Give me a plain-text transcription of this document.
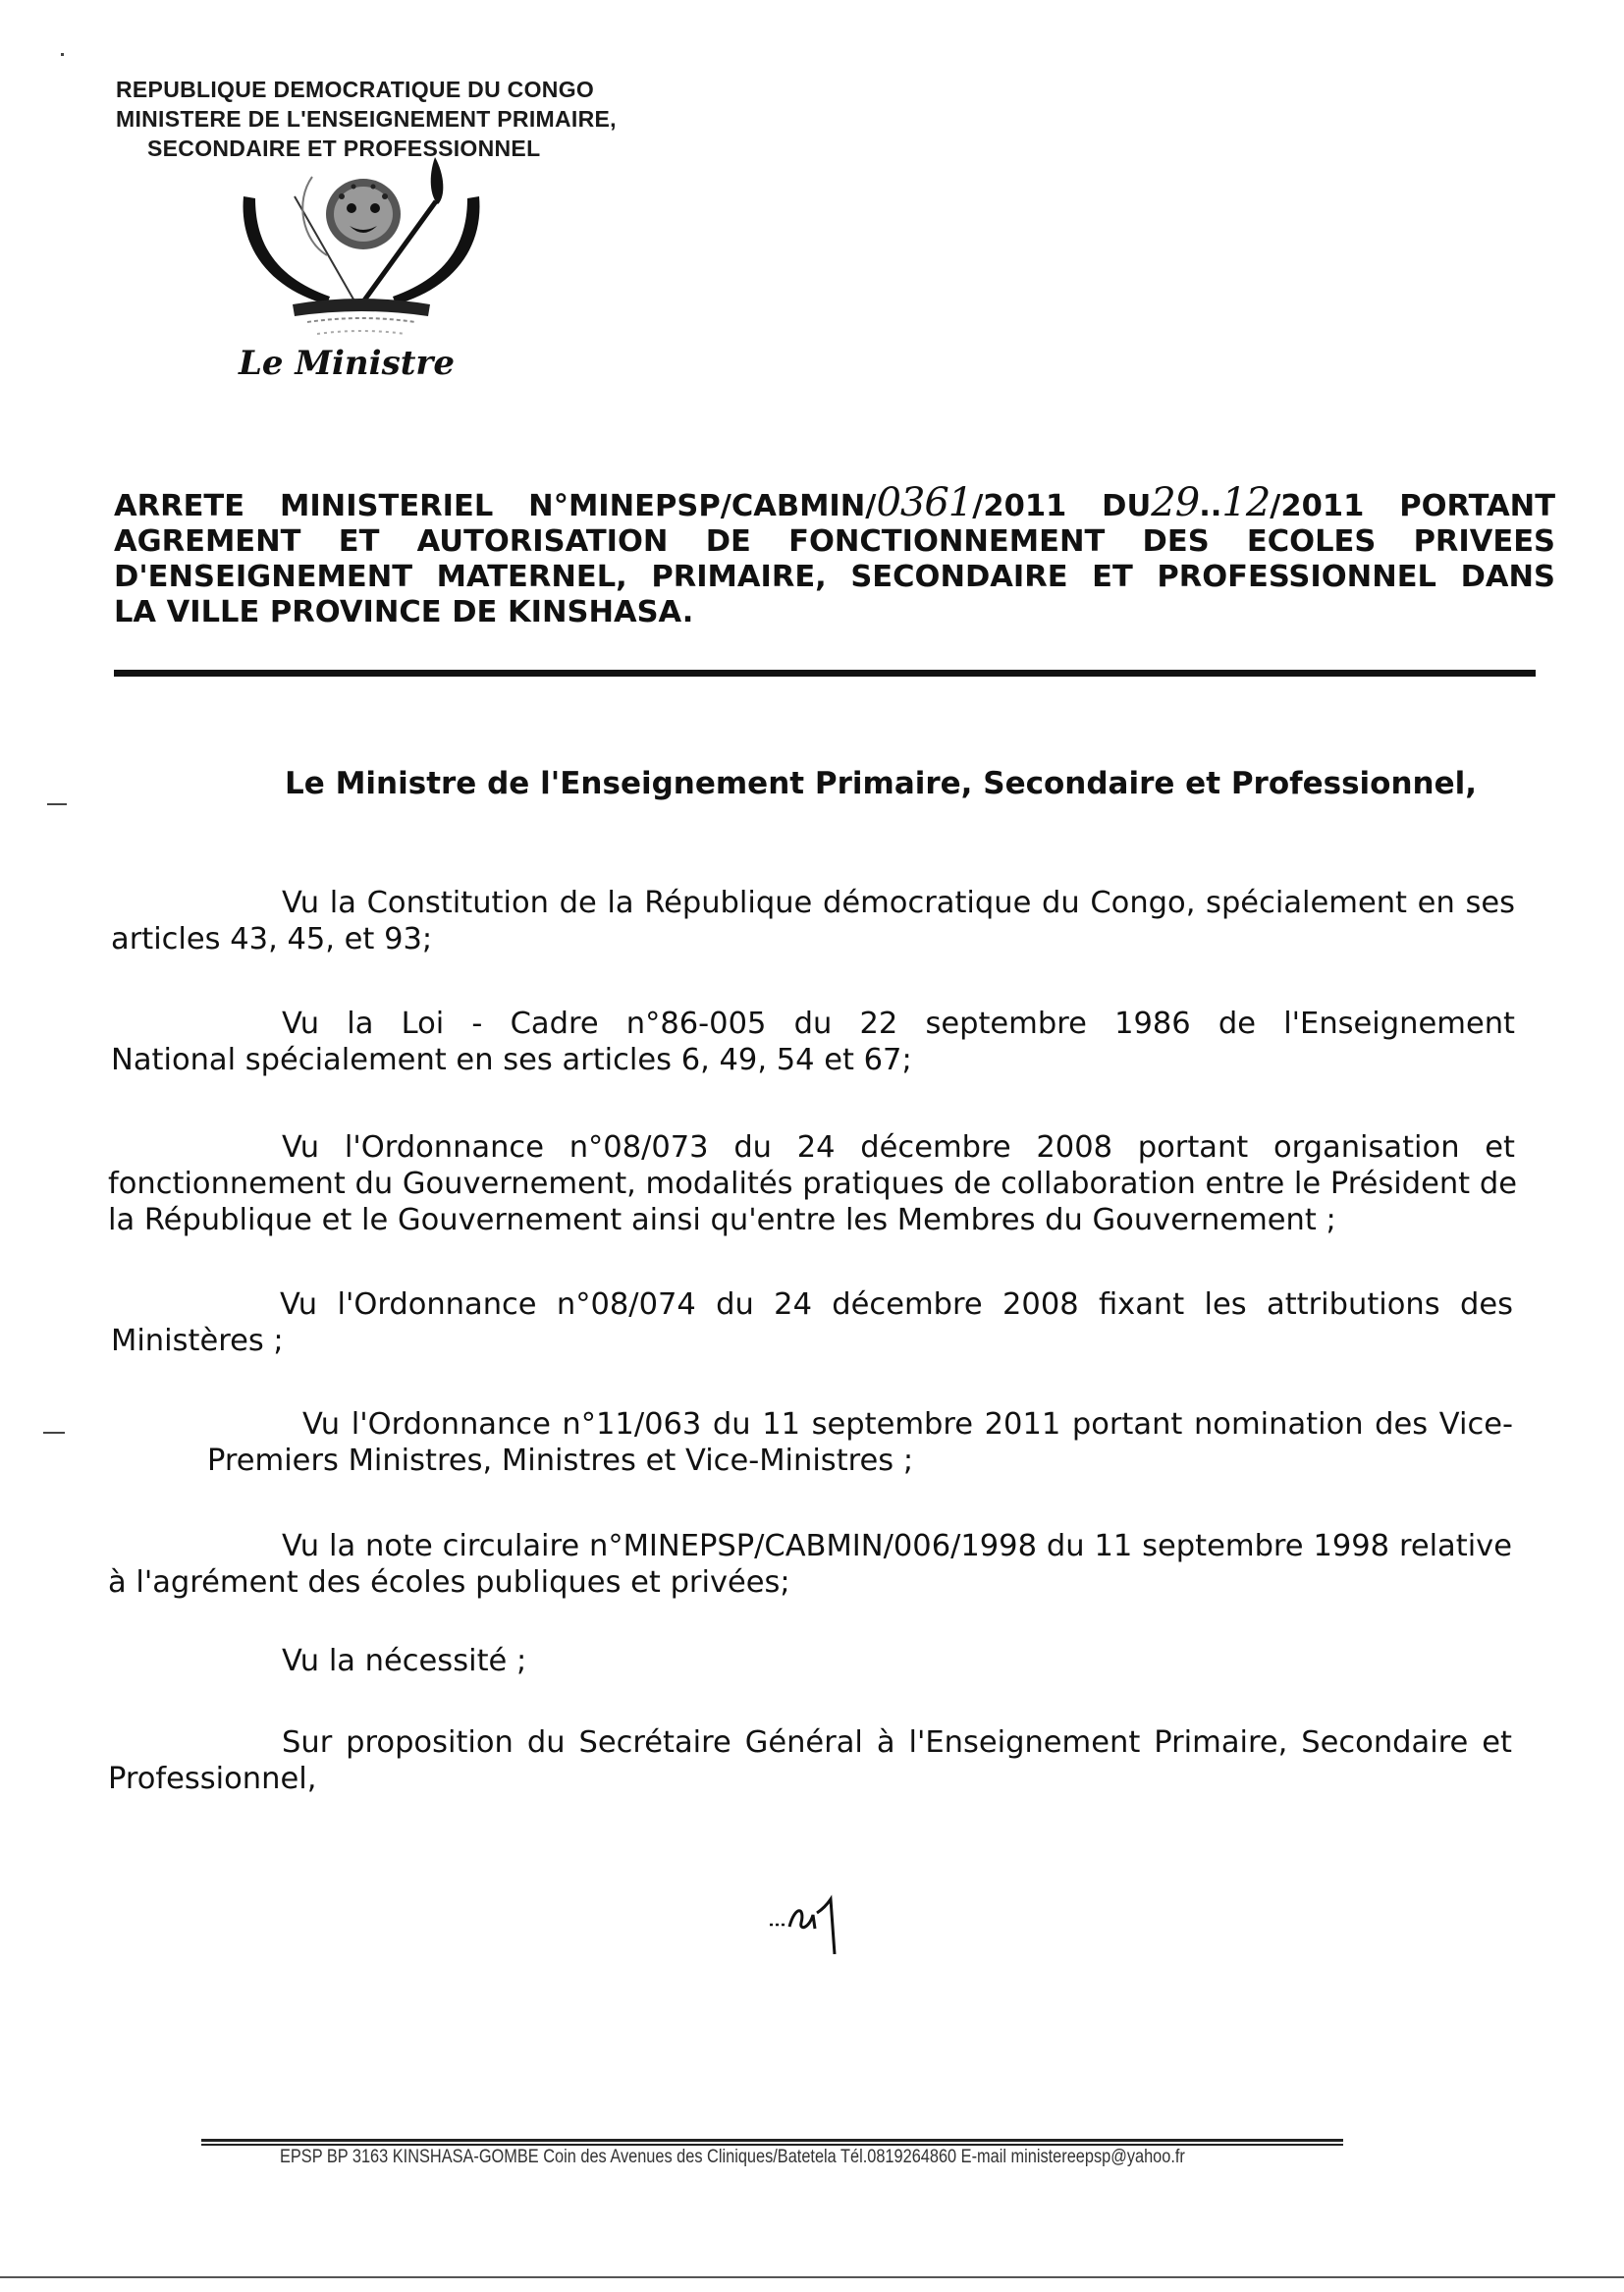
REPUBLIQUE DEMOCRATIQUE DU CONGO
MINISTERE DE L'ENSEIGNEMENT PRIMAIRE,
SECONDAIRE ET PROFESSIONNEL
Le Ministre
ARRETE MINISTERIEL N°MINEPSP/CABMIN/0361/2011 DU29..12/2011 PORTANT
AGREMENT ET AUTORISATION DE FONCTIONNEMENT DES ECOLES PRIVEES
D'ENSEIGNEMENT MATERNEL, PRIMAIRE, SECONDAIRE ET PROFESSIONNEL DANS
LA VILLE PROVINCE DE KINSHASA.
Le Ministre de l'Enseignement Primaire, Secondaire et Professionnel,
Vu la Constitution de la République démocratique du Congo, spécialement en ses
articles 43, 45, et 93;
Vu la Loi - Cadre n°86-005 du 22 septembre 1986 de l'Enseignement
National spécialement en ses articles 6, 49, 54 et 67;
Vu l'Ordonnance n°08/073 du 24 décembre 2008 portant organisation et
fonctionnement du Gouvernement, modalités pratiques de collaboration entre le Président de
la République et le Gouvernement ainsi qu'entre les Membres du Gouvernement ;
Vu l'Ordonnance n°08/074 du 24 décembre 2008 fixant les attributions des
Ministères ;
Vu l'Ordonnance n°11/063 du 11 septembre 2011 portant nomination des Vice-
Premiers Ministres, Ministres et Vice-Ministres ;
Vu la note circulaire n°MINEPSP/CABMIN/006/1998 du 11 septembre 1998 relative
à l'agrément des écoles publiques et privées;
Vu la nécessité ;
Sur proposition du Secrétaire Général à l'Enseignement Primaire, Secondaire et
Professionnel,
EPSP BP 3163 KINSHASA-GOMBE Coin des Avenues des Cliniques/Batetela Tél.0819264860 E-mail ministereepsp@yahoo.fr
